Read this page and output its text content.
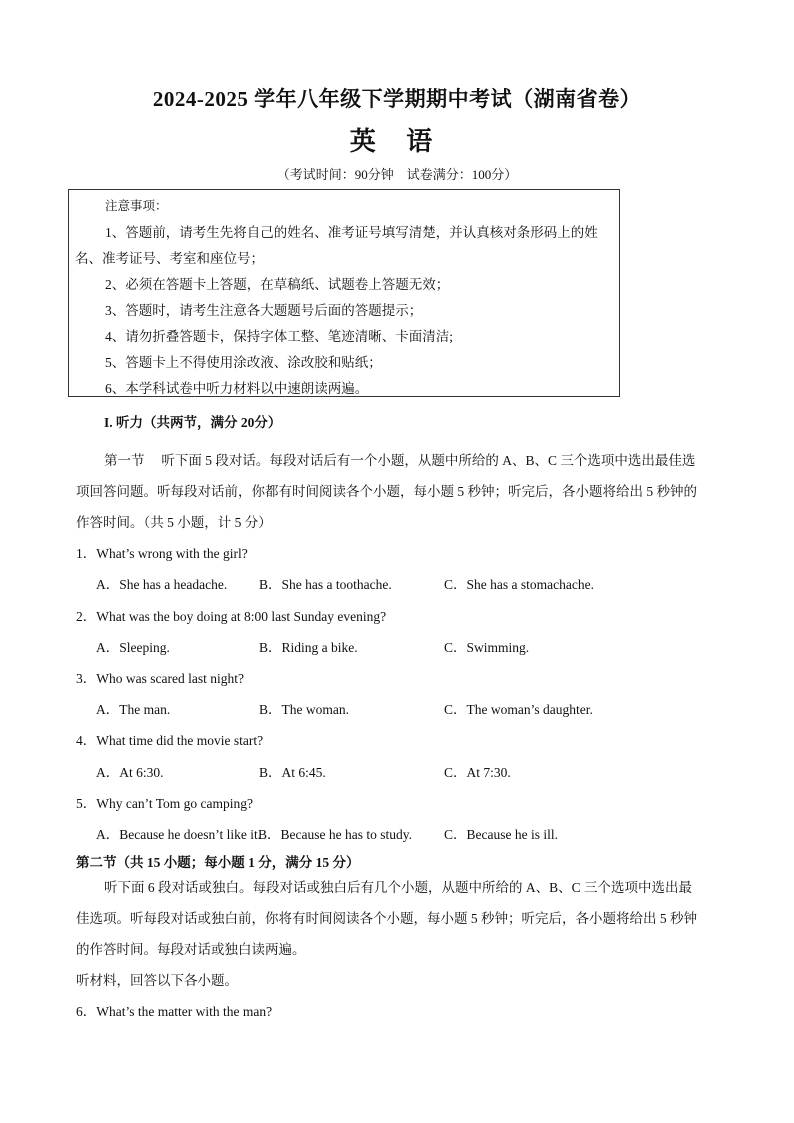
2024-2025 学年八年级下学期期中考试（湖南省卷）
英 语
（考试时间：90分钟　试卷满分：100分）
注意事项：
1、答题前，请考生先将自己的姓名、准考证号填写清楚，并认真核对条形码上的姓
名、准考证号、考室和座位号；
2、必须在答题卡上答题，在草稿纸、试题卷上答题无效；
3、答题时，请考生注意各大题题号后面的答题提示；
4、请勿折叠答题卡，保持字体工整、笔迹清晰、卡面清洁;
5、答题卡上不得使用涂改液、涂改胶和贴纸；
6、本学科试卷中听力材料以中速朗读两遍。
I. 听力（共两节，满分 20分）
第一节　 听下面 5 段对话。每段对话后有一个小题，从题中所给的 A、B、C 三个选项中选出最佳选
项回答问题。听每段对话前，你都有时间阅读各个小题，每小题 5 秒钟；听完后，各小题将给出 5 秒钟的
作答时间。（共 5 小题，计 5 分）
1．What’s wrong with the girl?
A．She has a headache. B．She has a toothache.	C．She has a stomachache.
2．What was the boy doing at 8:00 last Sunday evening?
A．Sleeping.	B．Riding a bike.	C．Swimming.
3．Who was scared last night?
A．The man.	B．The woman.	C．The woman’s daughter.
4．What time did the movie start?
A．At 6:30.	B．At 6:45.	C．At 7:30.
5．Why can’t Tom go camping?
A．Because he doesn’t like it.
B．Because he has to study. C．Because he is ill.
第二节（共 15 小题；每小题 1 分，满分 15 分）
听下面 6 段对话或独白。每段对话或独白后有几个小题，从题中所给的 A、B、C 三个选项中选出最
佳选项。听每段对话或独白前，你将有时间阅读各个小题，每小题 5 秒钟；听完后，各小题将给出 5 秒钟
的作答时间。每段对话或独白读两遍。
听材料，回答以下各小题。
6．What’s the matter with the man?
